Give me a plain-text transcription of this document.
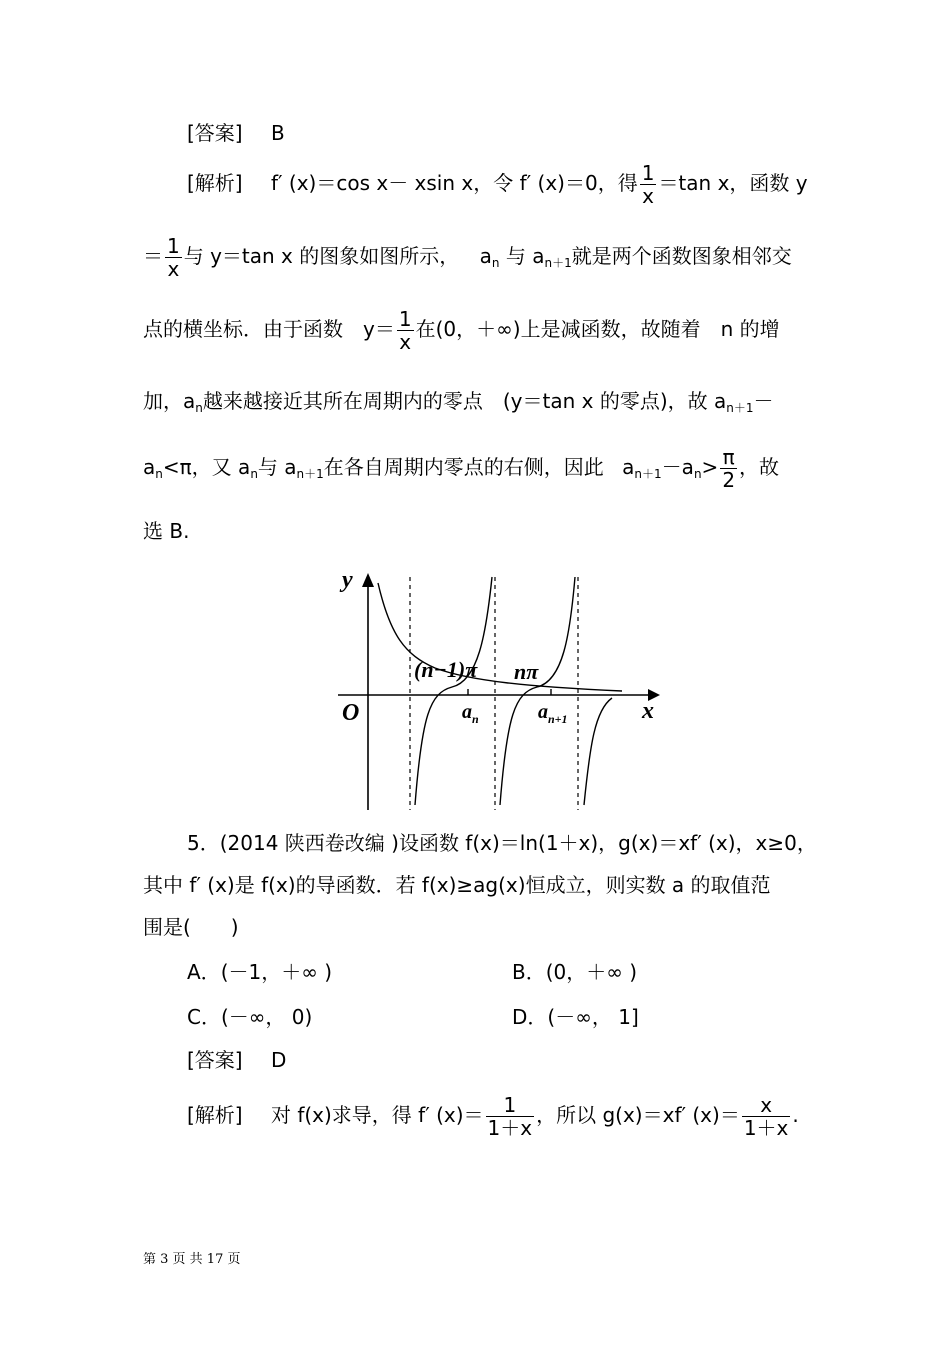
[答案] B
[解析] f′ (x)＝cos x－ xsin x，令 f′ (x)＝0，得 $\frac{1}{x} =\tan$ x，函数 y
＝ $\frac{1}{x}$ 与 y＝tan x 的图象如图所示， $a_n$ 与 $a_{n+1}$就是两个函数图象相邻交
点的横坐标．由于函数　$y= \frac{1}{x}$ 在(0，＋∞)上是减函数，故随着　n 的增
加，$a_n$越来越接近其所在周期内的零点　(y＝tan x 的零点)，故 $a_{n+1}-$
$a_n<\pi$，又 $a_n$与 $a_{n+1}$在各自周期内零点的右侧，因此 $a_{n+1}-a_n> \frac{\pi}{2}$ ，故
选 B.
y
x
O
(n−1)π nπ
$a_n$	$a_{n+1}$
5．(2014 陕西卷改编 )设函数 f(x)＝ln(1＋x)，g(x)＝xf′ (x)，x≥0，
其中 f′ (x)是 f(x)的导函数．若 f(x)≥ag(x)恒成立，则实数 a 的取值范
围是(　　)
A．(－1，＋∞ )	B．(0，＋∞ )
C．(－∞， 0)	D．(－∞， 1]
[答案] D
[解析] 对 f(x)求导，得 f′ $(x)= \frac{1}{1+x}$ ，所以 g(x)＝xf′ $(x)= \frac{x}{1+x}$ .
第 3 页 共 17 页
